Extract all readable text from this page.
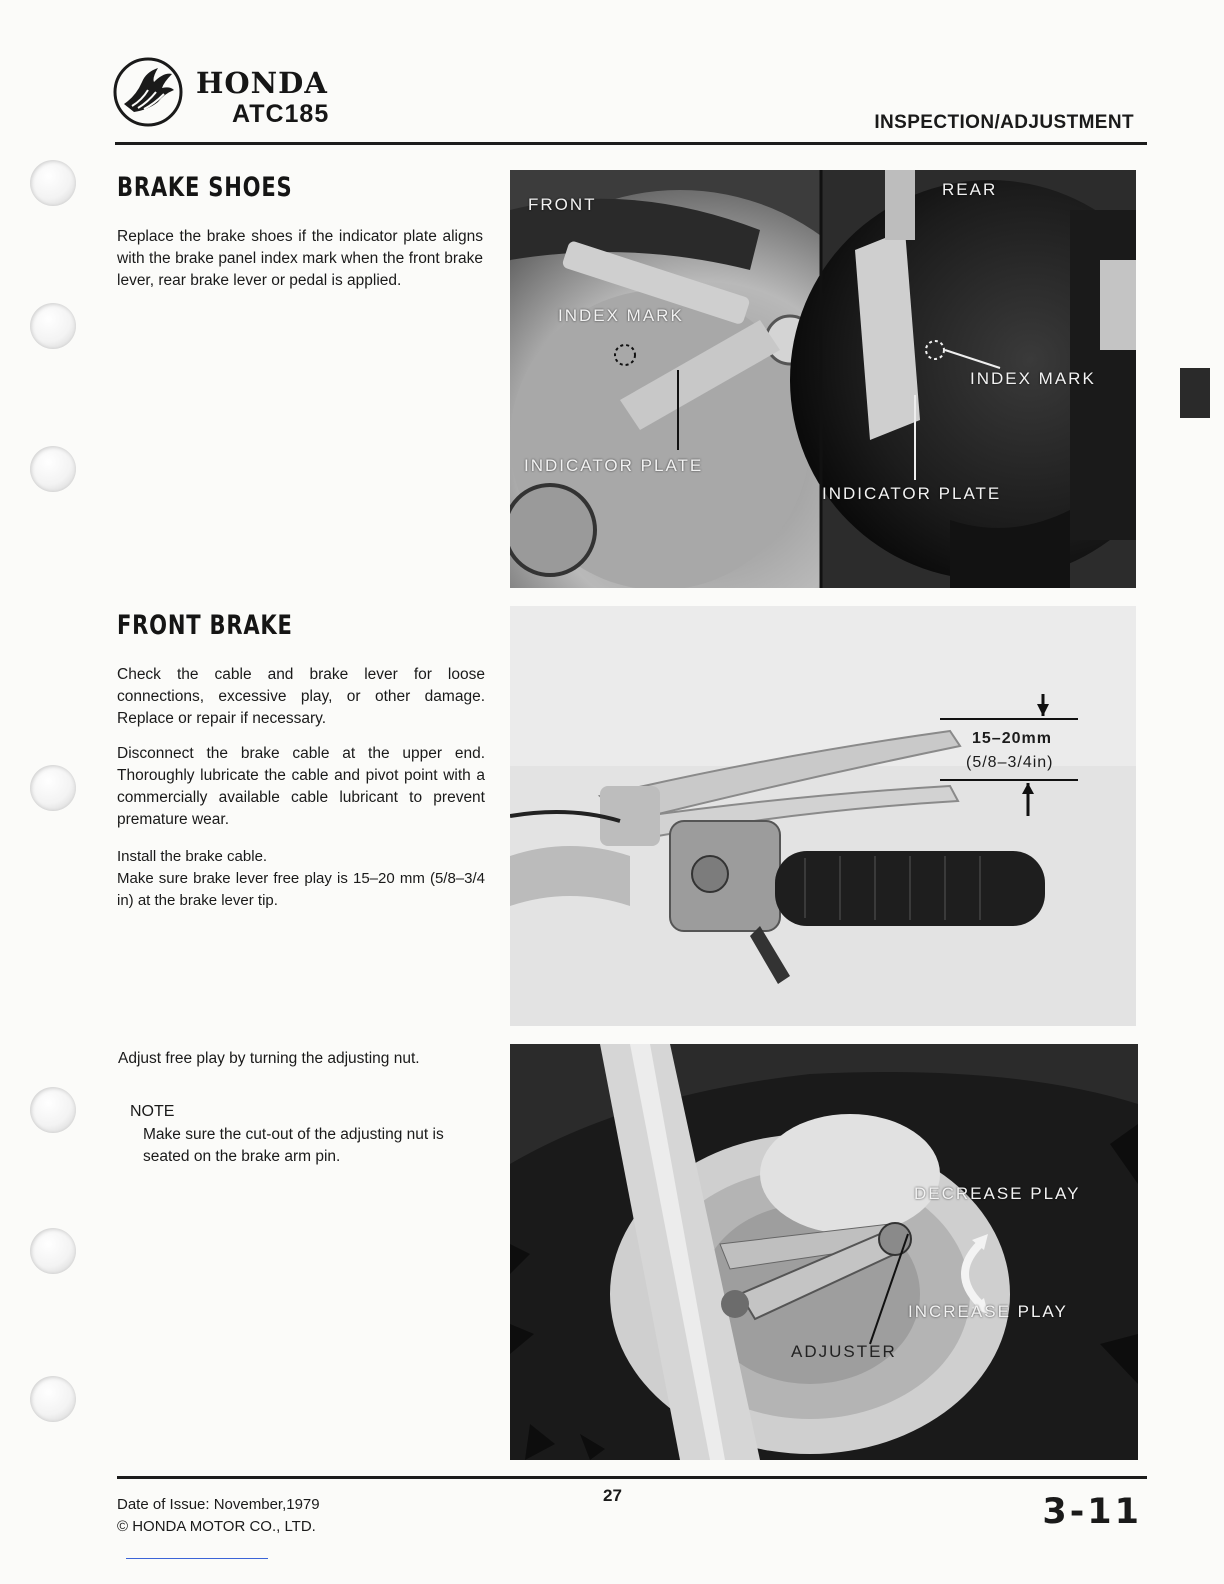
HONDA
ATC185	INSPECTION/ADJUSTMENT
BRAKE SHOES
Replace the brake shoes if the indicator plate aligns with the brake panel index mark when the front brake lever, rear brake lever or pedal is applied.
FRONT
REAR
INDEX MARK
INDICATOR PLATE
INDEX MARK
INDICATOR PLATE
FRONT BRAKE
Check the cable and brake lever for loose connections, excessive play, or other damage. Replace or repair if necessary.
Disconnect the brake cable at the upper end. Thoroughly lubricate the cable and pivot point with a commercially available cable lubricant to prevent premature wear.
Install the brake cable.
Make sure brake lever free play is 15–20 mm (5/8–3/4 in) at the brake lever tip.
15–20mm
(5/8–3/4in)
Adjust free play by turning the adjusting nut.
NOTE
Make sure the cut-out of the adjusting nut is seated on the brake arm pin.
DECREASE PLAY
INCREASE PLAY
ADJUSTER
Date of Issue: November,1979
© HONDA MOTOR CO., LTD.
27	3-11
